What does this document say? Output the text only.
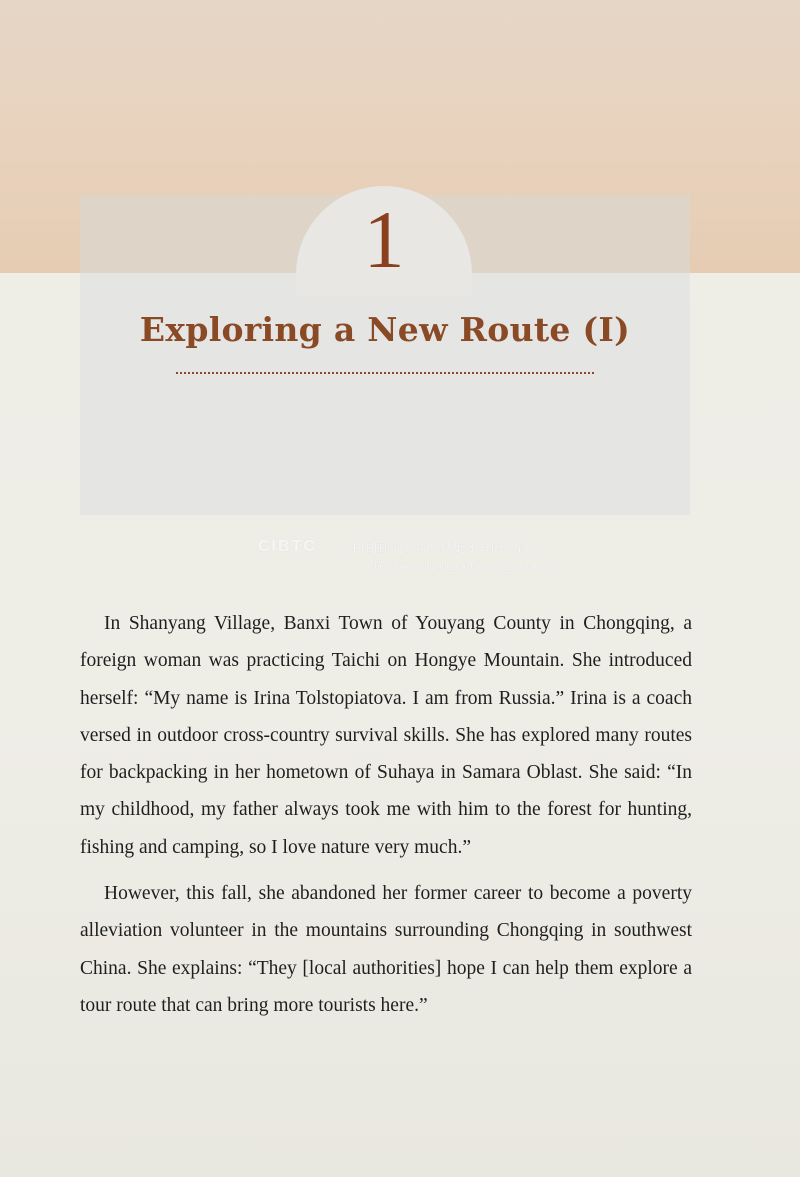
1
Exploring a New Route (I)
CIBTC 中国国际图书贸易集团有限公司
China International Book Trading Corporation

In Shanyang Village, Banxi Town of Youyang County in Chongqing, a foreign woman was practicing Taichi on Hongye Mountain. She introduced herself: “My name is Irina Tolstopiatova. I am from Russia.” Irina is a coach versed in outdoor cross-country survival skills. She has explored many routes for backpacking in her hometown of Suhaya in Samara Oblast. She said: “In my childhood, my father always took me with him to the forest for hunting, fishing and camping, so I love nature very much.”

However, this fall, she abandoned her former career to become a poverty alleviation volunteer in the mountains surrounding Chongqing in southwest China. She explains: “They [local authorities] hope I can help them explore a tour route that can bring more tourists here.”
